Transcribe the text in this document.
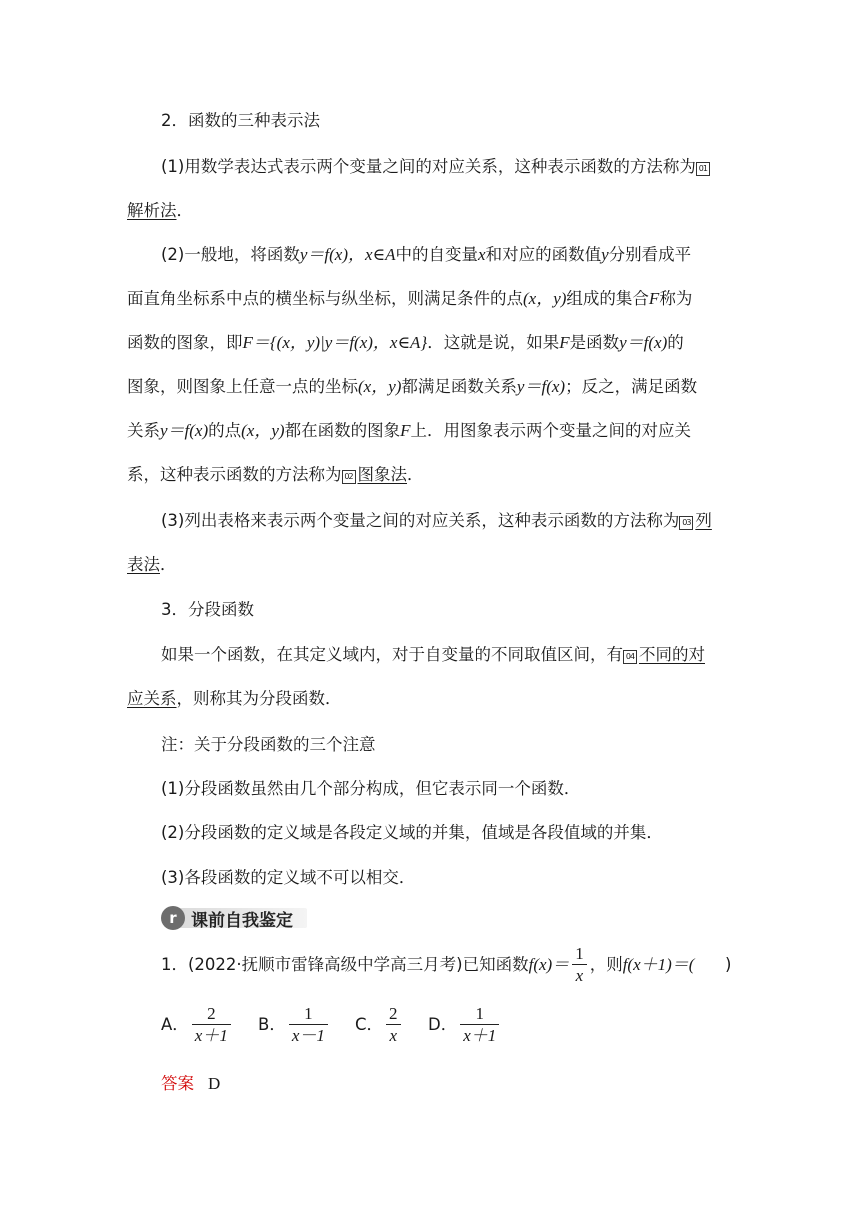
2．函数的三种表示法
(1)用数学表达式表示两个变量之间的对应关系，这种表示函数的方法称为 01
解析法．
(2)一般地，将函数y＝f(x)，x∈A中的自变量x和对应的函数值y分别看成平
面直角坐标系中点的横坐标与纵坐标，则满足条件的点(x，y)组成的集合F称为
函数的图象，即F＝{(x，y)|y＝f(x)，x∈A}．这就是说，如果F是函数y＝f(x)的
图象，则图象上任意一点的坐标(x，y)都满足函数关系y＝f(x)；反之，满足函数
关系y＝f(x)的点(x，y)都在函数的图象F上．用图象表示两个变量之间的对应关
系，这种表示函数的方法称为 02 图象法．
(3)列出表格来表示两个变量之间的对应关系，这种表示函数的方法称为 03 列
表法．
3．分段函数
如果一个函数，在其定义域内，对于自变量的不同取值区间，有 04 不同的对
应关系，则称其为分段函数．
注：关于分段函数的三个注意
(1)分段函数虽然由几个部分构成，但它表示同一个函数．
(2)分段函数的定义域是各段定义域的并集，值域是各段值域的并集．
(3)各段函数的定义域不可以相交．
r 课前自我鉴定
1．(2022·抚顺市雷锋高级中学高三月考)已知函数$f(x)= \frac{1}{x}$ ，则f(x＋1)＝( )
A． $\frac{2}{x+1}$ B． $\frac{1}{x-1}$ C． $\frac{2}{x}$ D． $\frac{1}{x+1}$
答案 D
